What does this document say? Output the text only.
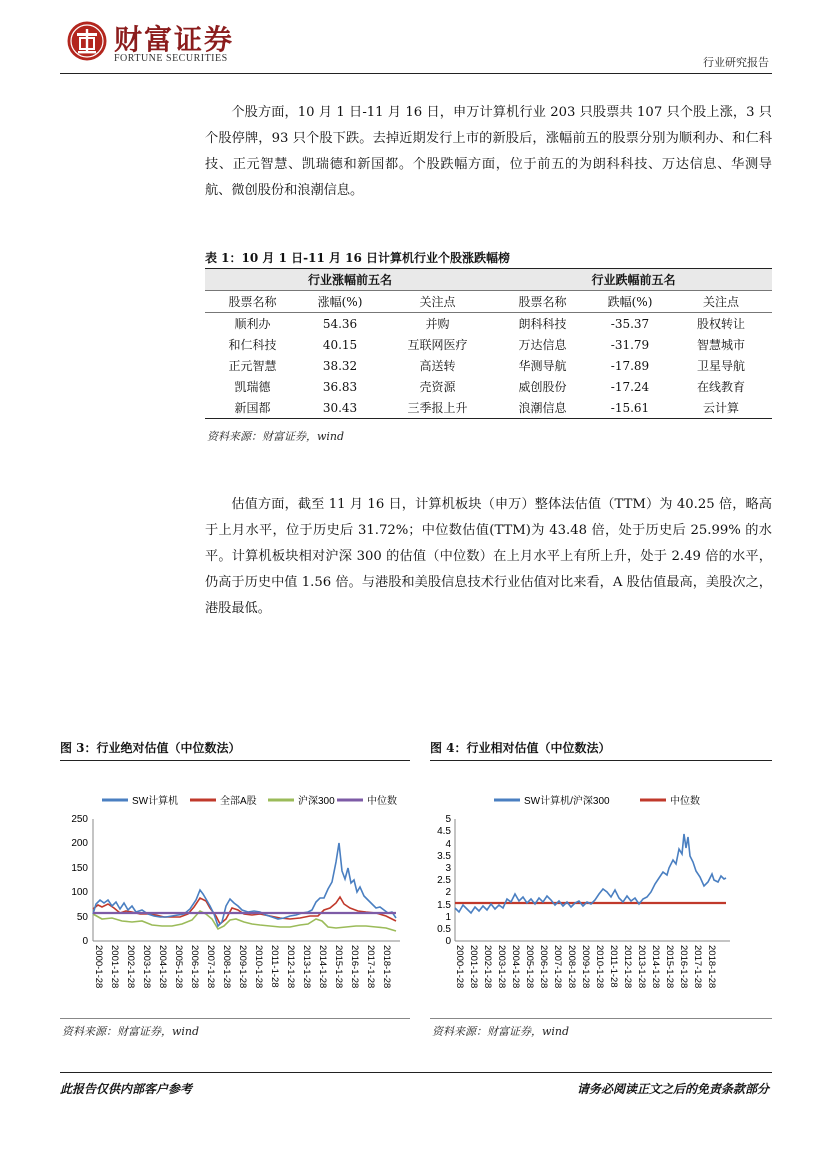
财富证券
FORTUNE SECURITIES	行业研究报告

个股方面，10 月 1 日-11 月 16 日，申万计算机行业 203 只股票共 107 只个股上涨，3 只个股停牌，93 只个股下跌。去掉近期发行上市的新股后，涨幅前五的股票分别为顺利办、和仁科技、正元智慧、凯瑞德和新国都。个股跌幅方面，位于前五的为朗科科技、万达信息、华测导航、微创股份和浪潮信息。

表 1：10 月 1 日-11 月 16 日计算机行业个股涨跌幅榜
行业涨幅前五名			行业跌幅前五名		
股票名称	涨幅(%)	关注点	股票名称	跌幅(%)	关注点
顺利办	54.36	并购	朗科科技	-35.37	股权转让
和仁科技	40.15	互联网医疗	万达信息	-31.79	智慧城市
正元智慧	38.32	高送转	华测导航	-17.89	卫星导航
凯瑞德	36.83	壳资源	威创股份	-17.24	在线教育
新国都	30.43	三季报上升	浪潮信息	-15.61	云计算
资料来源：财富证券，wind

估值方面，截至 11 月 16 日，计算机板块（申万）整体法估值（TTM）为 40.25 倍，略高于上月水平，位于历史后 31.72%；中位数估值(TTM)为 43.48 倍，处于历史后 25.99% 的水平。计算机板块相对沪深 300 的估值（中位数）在上月水平上有所上升，处于 2.49 倍的水平，仍高于历史中值 1.56 倍。与港股和美股信息技术行业估值对比来看，A 股估值最高，美股次之，港股最低。

图 3：行业绝对估值（中位数法）
SW计算机	全部A股	沪深300	中位数
0
50
100
150
200
250
2000-1-28 2001-1-28 2002-1-28 2003-1-28 2004-1-28 2005-1-28 2006-1-28 2007-1-28 2008-1-28 2009-1-28 2010-1-28 2011-1-28 2012-1-28 2013-1-28 2014-1-28 2015-1-28 2016-1-28 2017-1-28 2018-1-28
资料来源：财富证券，wind
图 4：行业相对估值（中位数法）
SW计算机/沪深300	中位数
0
0.5
1
1.5
2
2.5
3
3.5
4
4.5
5
2000-1-28 2001-1-28 2002-1-28 2003-1-28 2004-1-28 2005-1-28 2006-1-28 2007-1-28 2008-1-28 2009-1-28 2010-1-28 2011-1-28 2012-1-28 2013-1-28 2014-1-28 2015-1-28 2016-1-28 2017-1-28 2018-1-28
资料来源：财富证券，wind
此报告仅供内部客户参考	请务必阅读正文之后的免责条款部分
